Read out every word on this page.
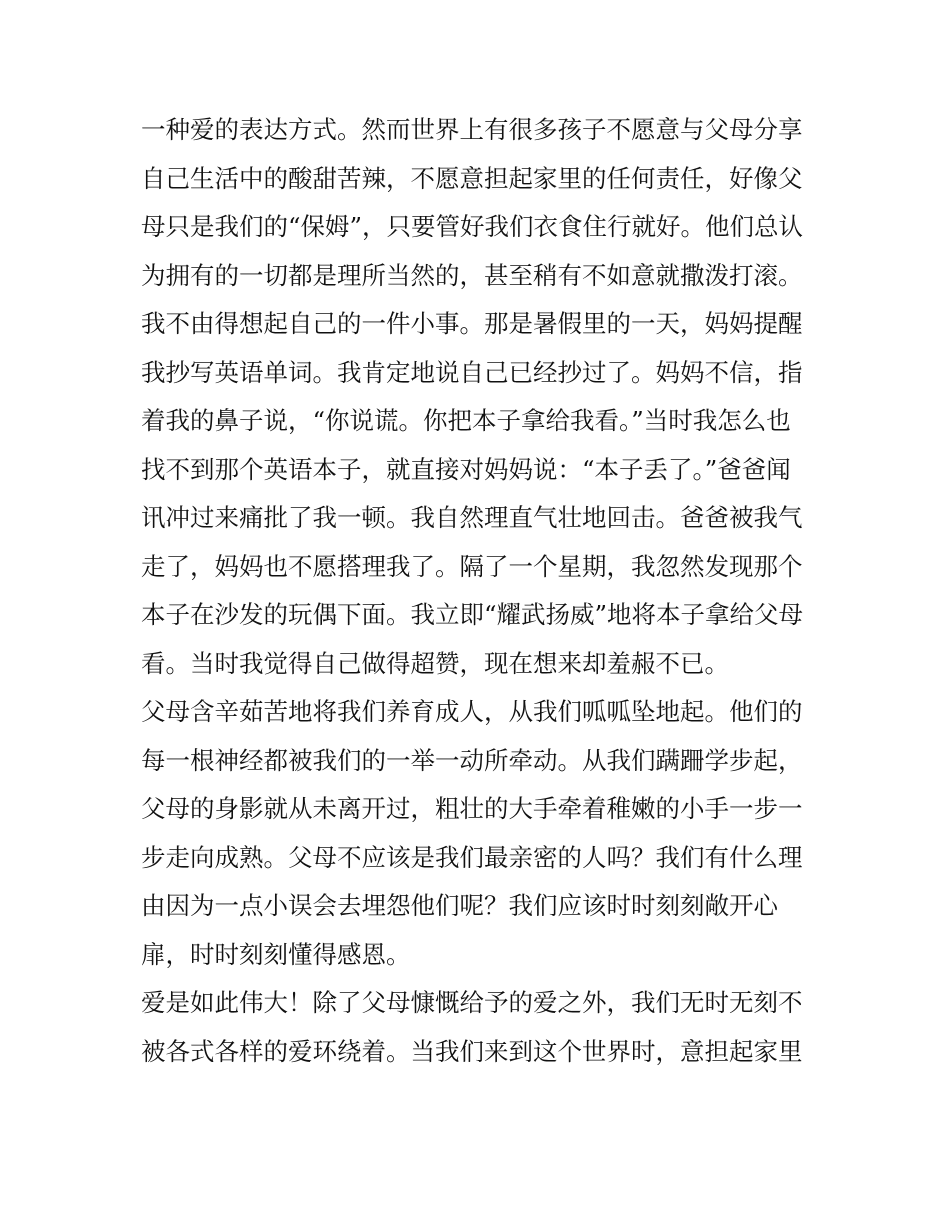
一种爱的表达方式。然而世界上有很多孩子不愿意与父母分享
自己生活中的酸甜苦辣，不愿意担起家里的任何责任，好像父
母只是我们的“保姆”，只要管好我们衣食住行就好。他们总认
为拥有的一切都是理所当然的，甚至稍有不如意就撒泼打滚。
我不由得想起自己的一件小事。那是暑假里的一天，妈妈提醒
我抄写英语单词。我肯定地说自己已经抄过了。妈妈不信，指
着我的鼻子说，“你说谎。你把本子拿给我看。”当时我怎么也
找不到那个英语本子，就直接对妈妈说：“本子丢了。”爸爸闻
讯冲过来痛批了我一顿。我自然理直气壮地回击。爸爸被我气
走了，妈妈也不愿搭理我了。隔了一个星期，我忽然发现那个
本子在沙发的玩偶下面。我立即“耀武扬威”地将本子拿给父母
看。当时我觉得自己做得超赞，现在想来却羞赧不已。
父母含辛茹苦地将我们养育成人，从我们呱呱坠地起。他们的
每一根神经都被我们的一举一动所牵动。从我们蹒跚学步起，
父母的身影就从未离开过，粗壮的大手牵着稚嫩的小手一步一
步走向成熟。父母不应该是我们最亲密的人吗？我们有什么理
由因为一点小误会去埋怨他们呢？我们应该时时刻刻敞开心
扉，时时刻刻懂得感恩。
爱是如此伟大！除了父母慷慨给予的爱之外，我们无时无刻不
被各式各样的爱环绕着。当我们来到这个世界时，意担起家里
